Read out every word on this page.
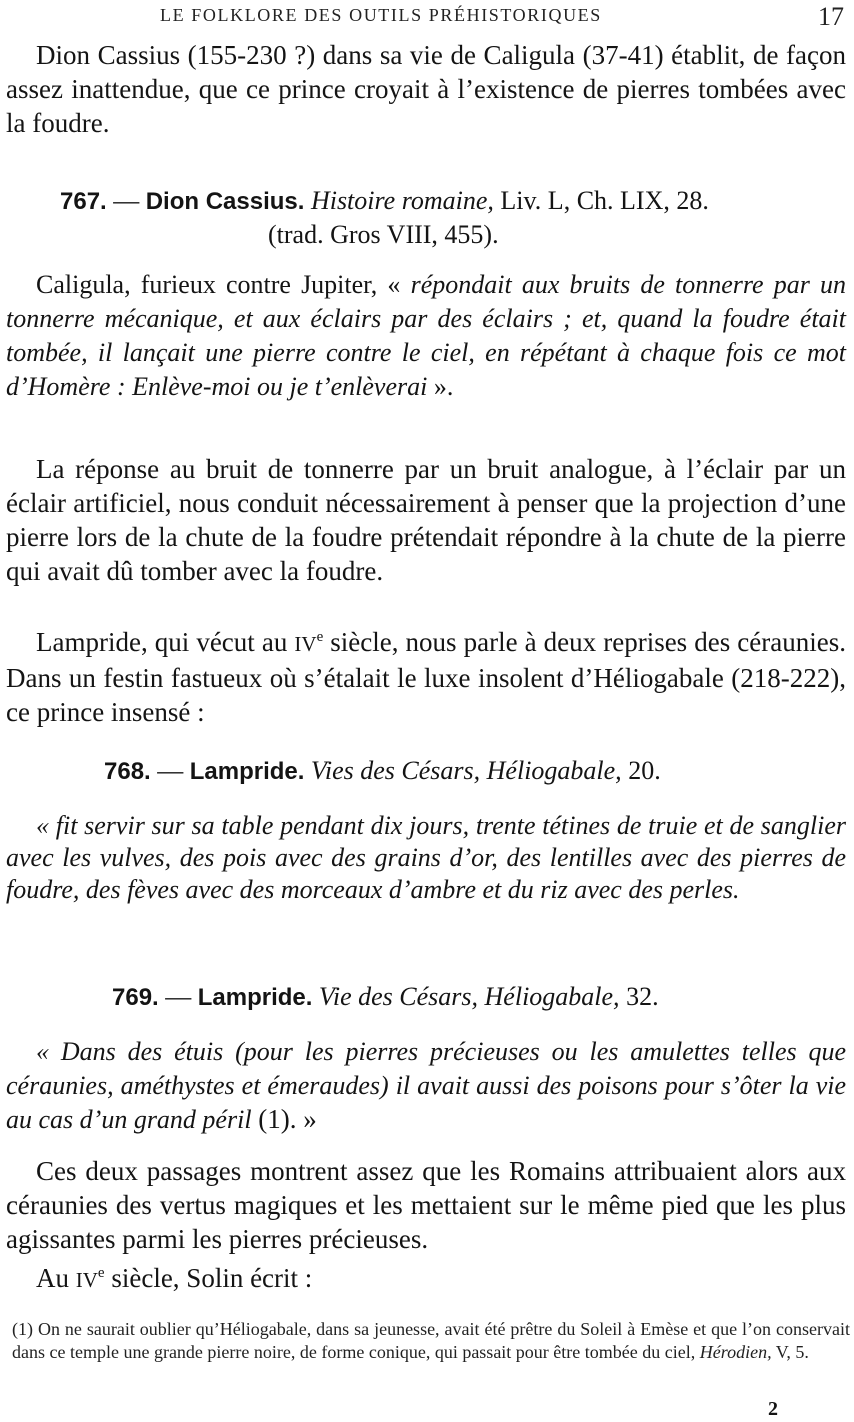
LE FOLKLORE DES OUTILS PRÉHISTORIQUES	17

Dion Cassius (155-230 ?) dans sa vie de Caligula (37-41) établit, de façon assez inattendue, que ce prince croyait à l’existence de pierres tombées avec la foudre.

767. — Dion Cassius. Histoire romaine, Liv. L, Ch. LIX, 28.
(trad. Gros VIII, 455).

Caligula, furieux contre Jupiter, « répondait aux bruits de tonnerre par un tonnerre mécanique, et aux éclairs par des éclairs ; et, quand la foudre était tombée, il lançait une pierre contre le ciel, en répétant à chaque fois ce mot d’Homère : Enlève-moi ou je t’enlèverai ».

La réponse au bruit de tonnerre par un bruit analogue, à l’éclair par un éclair artificiel, nous conduit nécessairement à penser que la projection d’une pierre lors de la chute de la foudre prétendait répondre à la chute de la pierre qui avait dû tomber avec la foudre.

Lampride, qui vécut au IVe siècle, nous parle à deux reprises des céraunies. Dans un festin fastueux où s’étalait le luxe insolent d’Héliogabale (218-222), ce prince insensé :

768. — Lampride. Vies des Césars, Héliogabale, 20.

« fit servir sur sa table pendant dix jours, trente tétines de truie et de sanglier avec les vulves, des pois avec des grains d’or, des lentilles avec des pierres de foudre, des fèves avec des morceaux d’ambre et du riz avec des perles.

769. — Lampride. Vie des Césars, Héliogabale, 32.

« Dans des étuis (pour les pierres précieuses ou les amulettes telles que céraunies, améthystes et émeraudes) il avait aussi des poisons pour s’ôter la vie au cas d’un grand péril (1). »

Ces deux passages montrent assez que les Romains attribuaient alors aux céraunies des vertus magiques et les mettaient sur le même pied que les plus agissantes parmi les pierres précieuses.

Au IVe siècle, Solin écrit :

(1) On ne saurait oublier qu’Héliogabale, dans sa jeunesse, avait été prêtre du Soleil à Emèse et que l’on conservait dans ce temple une grande pierre noire, de forme conique, qui passait pour être tombée du ciel, Hérodien, V, 5.
2
